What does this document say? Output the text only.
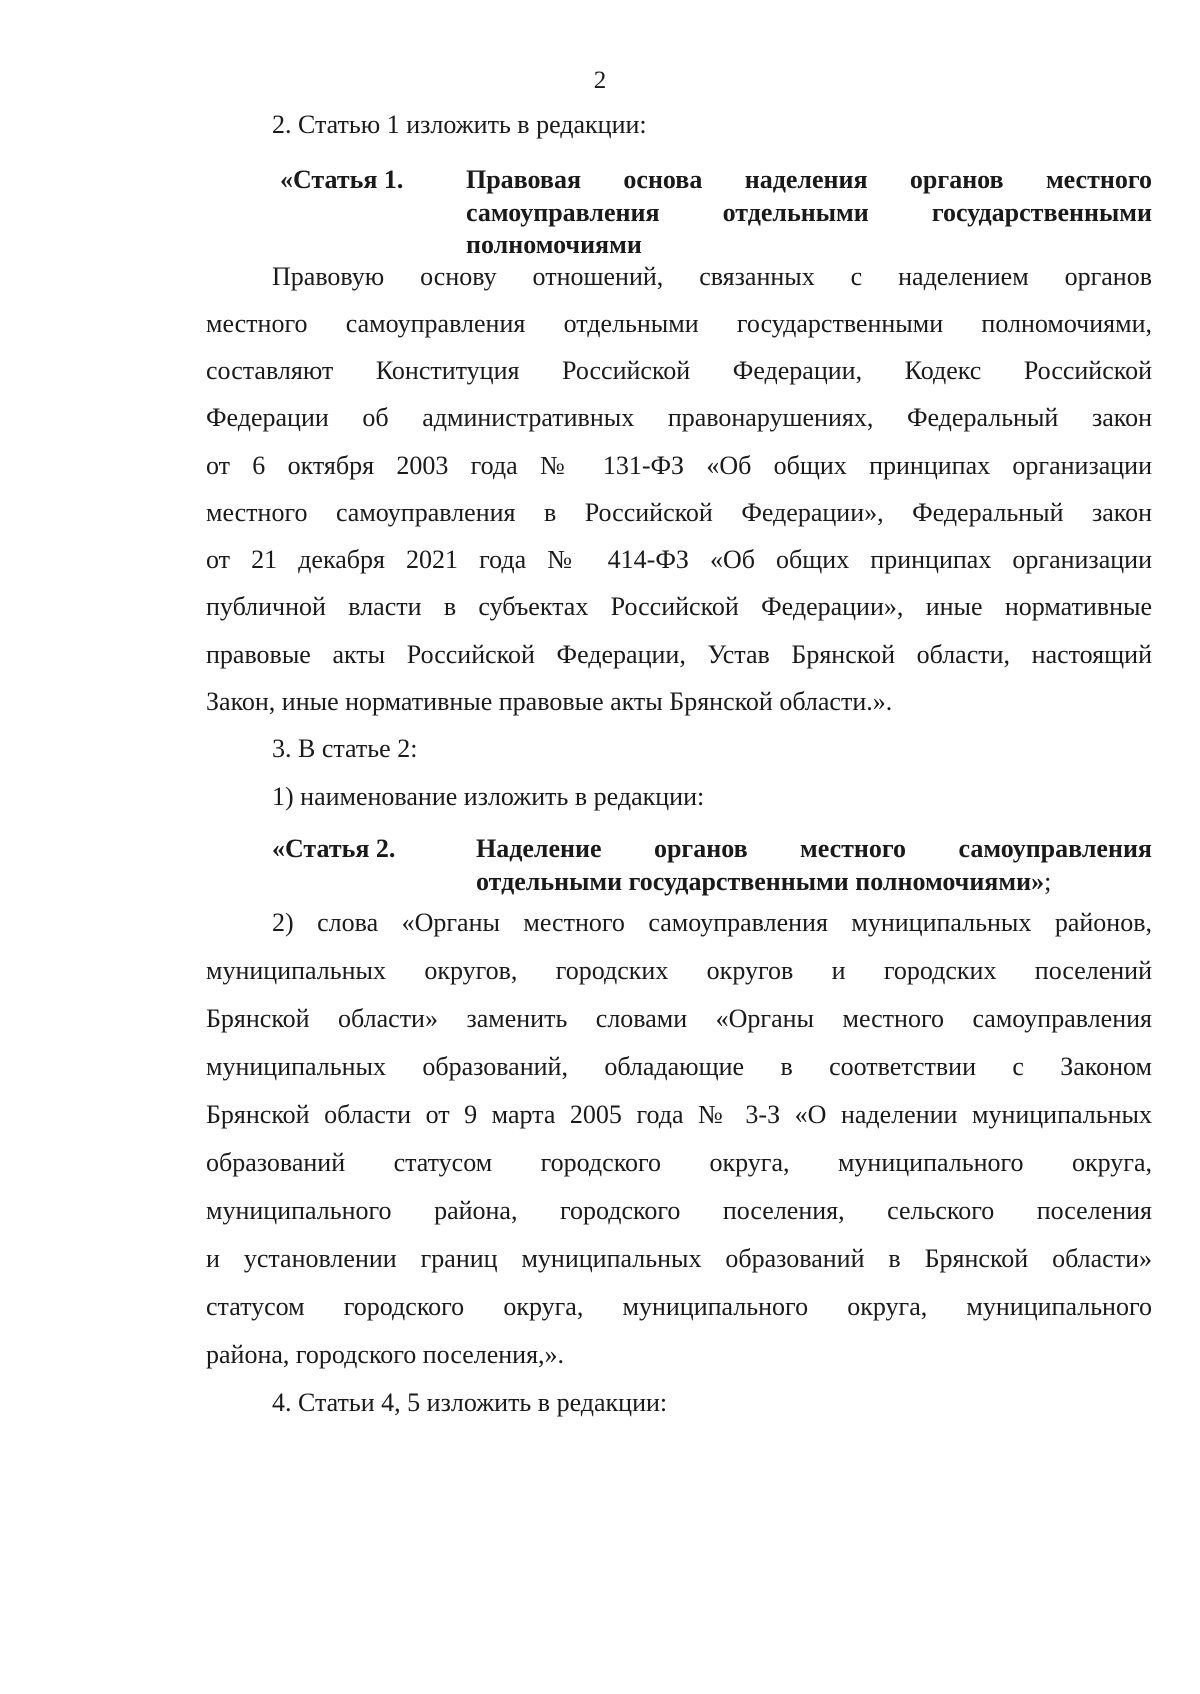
2
2. Статью 1 изложить в редакции:
«Статья 1. Правовая основа наделения органов местного
самоуправления отдельными государственными
полномочиями
Правовую основу отношений, связанных с наделением органов
местного самоуправления отдельными государственными полномочиями,
составляют Конституция Российской Федерации, Кодекс Российской
Федерации об административных правонарушениях, Федеральный закон
от 6 октября 2003 года № 131-ФЗ «Об общих принципах организации
местного самоуправления в Российской Федерации», Федеральный закон
от 21 декабря 2021 года № 414-ФЗ «Об общих принципах организации
публичной власти в субъектах Российской Федерации», иные нормативные
правовые акты Российской Федерации, Устав Брянской области, настоящий
Закон, иные нормативные правовые акты Брянской области.».
3. В статье 2:
1) наименование изложить в редакции:
«Статья 2.	Наделение органов местного самоуправления
отдельными государственными полномочиями»;
2) слова «Органы местного самоуправления муниципальных районов,
муниципальных округов, городских округов и городских поселений
Брянской области» заменить словами «Органы местного самоуправления
муниципальных образований, обладающие в соответствии с Законом
Брянской области от 9 марта 2005 года № 3-З «О наделении муниципальных
образований статусом городского округа, муниципального округа,
муниципального района, городского поселения, сельского поселения
и установлении границ муниципальных образований в Брянской области»
статусом городского округа, муниципального округа, муниципального
района, городского поселения,».
4. Статьи 4, 5 изложить в редакции:
